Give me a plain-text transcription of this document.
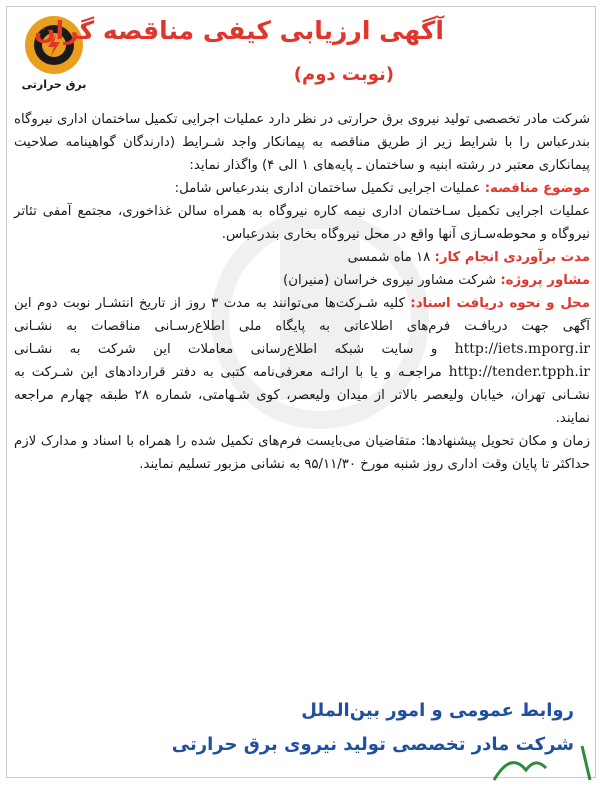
برق حرارتی
آگهی ارزیابی کیفی مناقصه گران
(نوبت دوم)

شرکت مادر تخصصی تولید نیروی برق حرارتی در نظر دارد عملیات اجرایی تکمیل ساختمان اداری نیروگاه بندرعباس را با شرایط زیر از طریق مناقصه به پیمانکار واجد شـرایط (دارندگان گواهینامه صلاحیت پیمانکاری معتبر در رشته ابنیه و ساختمان ـ پایه‌های ۱ الی ۴) واگذار نماید:

موضوع مناقصه: عملیات اجرایی تکمیل ساختمان اداری بندرعباس شامل:

عملیات اجرایی تکمیل سـاختمان اداری نیمه کاره نیروگاه به همراه سالن غذاخوری، مجتمع آمفی تئاتر نیروگاه و محوطه‌سـازی آنها واقع در محل نیروگاه بخاری بندرعباس.

مدت برآوردی انجام کار: ۱۸ ماه شمسی

مشاور پروژه: شرکت مشاور نیروی خراسان (منیران)

محل و نحوه دریافت اسناد: کلیه شـرکت‌ها می‌توانند به مدت ۳ روز از تاریخ انتشـار نوبت دوم این آگهی جهت دریافـت فرم‌های اطلاعاتی به پایگاه ملی اطلاع‌رسـانی مناقصات به نشـانی http://iets.mporg.ir و سایت شبکه اطلاع‌رسانی معاملات این شرکت به نشـانی http://tender.tpph.ir مراجعـه و یا با ارائـه معرفی‌نامه کتبی به دفتر قراردادهای این شـرکت به نشـانی تهران، خیابان ولیعصر بالاتر از میدان ولیعصر، کوی شـهامتی، شماره ۲۸ طبقه چهارم مراجعه نمایند.

زمان و مکان تحویل پیشنهادها: متقاضیان می‌بایست فرم‌های تکمیل شده را همراه با اسناد و مدارک لازم حداکثر تا پایان وقت اداری روز شنبه مورخ ۹۵/۱۱/۳۰ به نشانی مزبور تسلیم نمایند.

روابط عمومی و امور بین‌الملل
شرکت مادر تخصصی تولید نیروی برق حرارتی
